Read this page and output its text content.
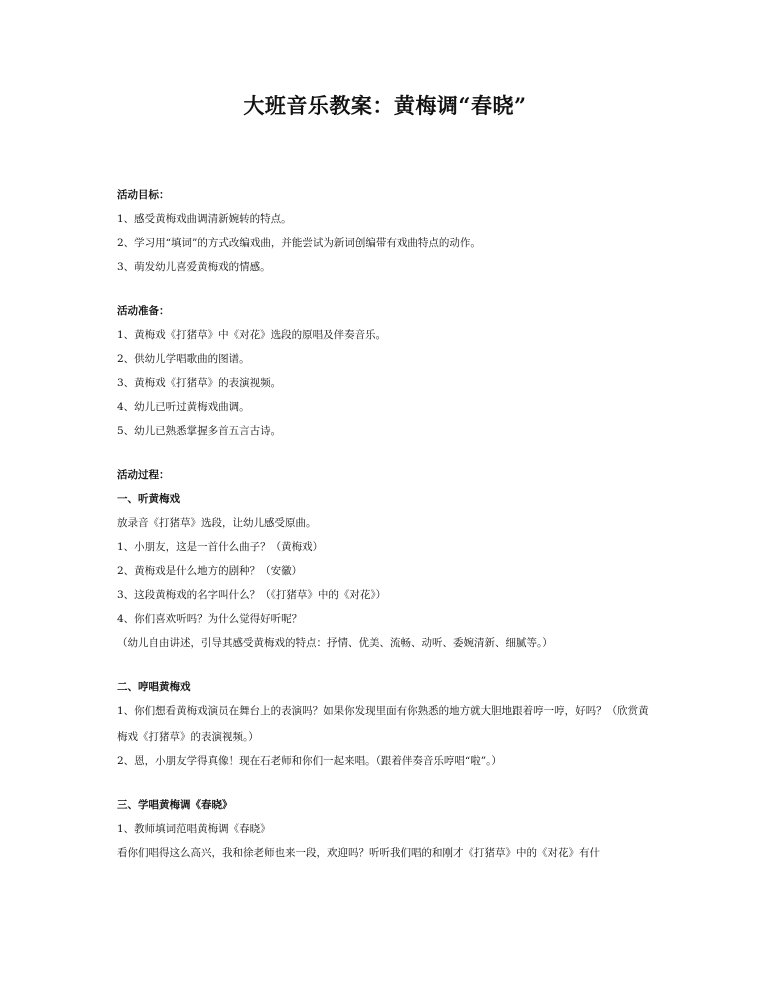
大班音乐教案：黄梅调“春晓”

活动目标：

1、感受黄梅戏曲调清新婉转的特点。

2、学习用“填词”的方式改编戏曲，并能尝试为新词创编带有戏曲特点的动作。

3、萌发幼儿喜爱黄梅戏的情感。

活动准备：

1、黄梅戏《打猪草》中《对花》选段的原唱及伴奏音乐。

2、供幼儿学唱歌曲的图谱。

3、黄梅戏《打猪草》的表演视频。

4、幼儿已听过黄梅戏曲调。

5、幼儿已熟悉掌握多首五言古诗。

活动过程：

一、听黄梅戏

放录音《打猪草》选段，让幼儿感受原曲。

1、小朋友，这是一首什么曲子？（黄梅戏）

2、黄梅戏是什么地方的剧种？（安徽）

3、这段黄梅戏的名字叫什么？（《打猪草》中的《对花》）

4、你们喜欢听吗？为什么觉得好听呢？

（幼儿自由讲述，引导其感受黄梅戏的特点：抒情、优美、流畅、动听、委婉清新、细腻等。）

二、哼唱黄梅戏

1、你们想看黄梅戏演员在舞台上的表演吗？如果你发现里面有你熟悉的地方就大胆地跟着哼一哼，好吗？（欣赏黄梅戏《打猪草》的表演视频。）

2、恩，小朋友学得真像！现在石老师和你们一起来唱。（跟着伴奏音乐哼唱“啦”。）

三、学唱黄梅调《春晓》

1、教师填词范唱黄梅调《春晓》

看你们唱得这么高兴，我和徐老师也来一段，欢迎吗？听听我们唱的和刚才《打猪草》中的《对花》有什
